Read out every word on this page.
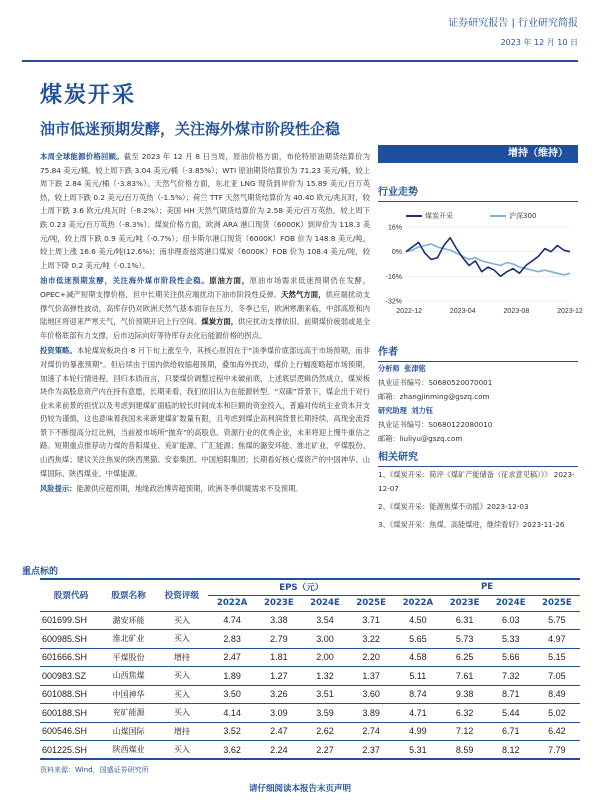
证券研究报告 | 行业研究简报
2023 年 12 月 10 日
煤炭开采
油市低迷预期发酵，关注海外煤市阶段性企稳

本周全球能源价格回顾。截至 2023 年 12 月 8 日当周，原油价格方面，布伦特原油期货结算价为 75.84 美元/桶，较上周下跌 3.04 美元/桶（-3.85%）；WTI 原油期货结算价为 71.23 美元/桶，较上周下跌 2.84 美元/桶（-3.83%）。天然气价格方面，东北亚 LNG 现货到岸价为 15.89 美元/百万英热，较上周下跌 0.2 美元/百万英热（-1.5%）；荷兰 TTF 天然气期货结算价为 40.40 欧元/兆瓦时，较上周下跌 3.6 欧元/兆瓦时（-8.2%）；美国 HH 天然气期货结算价为 2.58 美元/百万英热，较上周下跌 0.23 美元/百万英热（-8.3%）。煤炭价格方面，欧洲 ARA 港口现货（6000K）到岸价为 118.3 美元/吨，较上周下跌 0.9 美元/吨（-0.7%）；纽卡斯尔港口现货（6000K）FOB 价为 148.8 美元/吨，较上周上涨 16.6 美元/吨(12.6%)；南非理查兹湾港口煤炭（6000K）FOB 价为 108.4 美元/吨，较上周下降 0.2 美元/吨（-0.1%）。

油市低迷预期发酵，关注海外煤市阶段性企稳。原油方面，原油市场需求低迷预期仍在发酵，OPEC+减产短期支撑价格，但中长期关注供应端扰动下油市阶段性反弹。天然气方面，供应端扰动支撑气价高弹性波动，高库存仍对欧洲天然气基本面存在压力，冬季已至，欧洲寒潮来临，中部高原和内陆地区将迎来严寒天气，气价预期开启上行空间。煤炭方面，供应扰动支撑依旧，前期煤价疲弱或是全年价格底部有力支撑，后市边际向好等待库存去化后能源价格的拐点。

投资策略。本轮煤炭板块自 8 月下旬上涨至今，其核心原因在于“淡季煤价底部远高于市场预期，而非对煤价的暴涨预期”。但后续由于国内供给收缩超预期，叠加海外扰动，煤价上行幅度略超市场预期，加速了本轮行情进程，回归本质而言，只要煤价调整过程中未破前底，上述底层逻辑仍然成立，煤炭板块作为高股息资产内在持有意愿，长期来看，我们依旧认为在能源转型、“双碳”背景下，煤企出于对行业未来前景的担忧以及考虑到建煤矿面临的较长时间成本和巨额的资金投入，普遍对传统主业资本开支仍较为谨慎，这也意味着我国未来新建煤矿数量有限，且考虑到煤企高利润背景长期持续，高现金流背景下不断提高分红比例，当前被市场所“抛弃”的高股息、资源行业的优秀企业，未来将迎上慢牛重估之路。短期重点推荐动力煤的昔阳煤业、兖矿能源、广汇能源；焦煤的潞安环能、淮北矿业、平煤股份、山西焦煤；建议关注焦炭的陕西黑猫、安泰集团、中国旭阳集团；长期看好核心煤资产的中国神华、山煤国际、陕西煤业、中煤能源。

风险提示：能源供应超预期，地缘政治博弈超预期，欧洲冬季供暖需求不及预期。

增持（维持）
行业走势
煤炭开采	沪深300
16%
0%
-16%
-32%
2022-12	2023-04	2023-08	2023-12
作者
分析师 张津铭
执业证书编号：S0680520070001
邮箱：zhangjinming@gszq.com
研究助理 刘力钰
执业证书编号：S0680122080010
邮箱：liuliyu@gszq.com
相关研究
1、《煤炭开采：简评《煤矿产能储备（征求意见稿）》》 2023-12-07
2、《煤炭开采：能源焦煤不动摇》2023-12-03
3、《煤炭开采：焦煤、高能煤进，继续看好》2023-11-26
重点标的
股票代码	股票名称	投资评级	EPS（元）				PE			
			2022A	2023E	2024E	2025E	2022A	2023E	2024E	2025E
601699.SH	潞安环能	买入	4.74	3.38	3.54	3.71	4.50	6.31	6.03	5.75
600985.SH	淮北矿业	买入	2.83	2.79	3.00	3.22	5.65	5.73	5.33	4.97
601666.SH	平煤股份	增持	2.47	1.81	2.00	2.20	4.58	6.25	5.66	5.15
000983.SZ	山西焦煤	买入	1.89	1.27	1.32	1.37	5.11	7.61	7.32	7.05
601088.SH	中国神华	买入	3.50	3.26	3.51	3.60	8.74	9.38	8.71	8.49
600188.SH	兖矿能源	买入	4.14	3.09	3.59	3.89	4.71	6.32	5.44	5.02
600546.SH	山煤国际	增持	3.52	2.47	2.62	2.74	4.99	7.12	6.71	6.42
601225.SH	陕西煤业	买入	3.62	2.24	2.27	2.37	5.31	8.59	8.12	7.79
资料来源：Wind，国盛证券研究所
请仔细阅读本报告末页声明
